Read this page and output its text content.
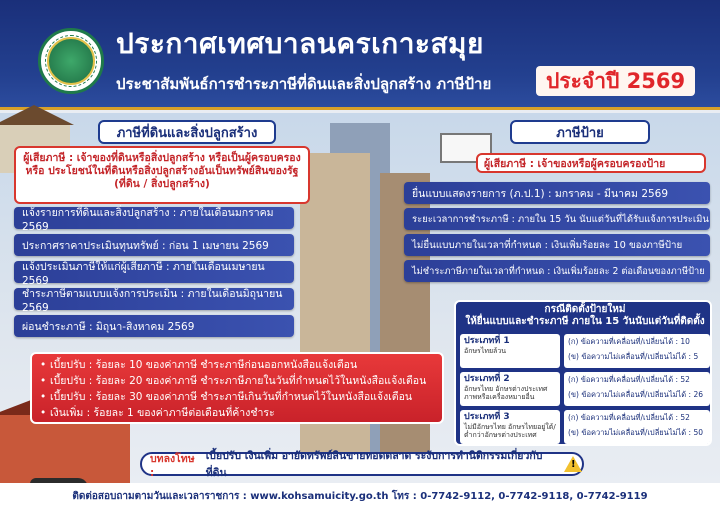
ประกาศเทศบาลนครเกาะสมุย
ประชาสัมพันธ์การชำระภาษีที่ดินและสิ่งปลูกสร้าง ภาษีป้าย	ประจำปี 2569
ภาษีที่ดินและสิ่งปลูกสร้าง
ผู้เสียภาษี : เจ้าของที่ดินหรือสิ่งปลูกสร้าง หรือเป็นผู้ครอบครอง หรือ ประโยชน์ในที่ดินหรือสิ่งปลูกสร้างอันเป็นทรัพย์สินของรัฐ (ที่ดิน / สิ่งปลูกสร้าง)
แจ้งรายการที่ดินและสิ่งปลูกสร้าง : ภายในเดือนมกราคม 2569
ประกาศราคาประเมินทุนทรัพย์ : ก่อน 1 เมษายน 2569
แจ้งประเมินภาษีให้แก่ผู้เสียภาษี : ภายในเดือนเมษายน 2569
ชำระภาษีตามแบบแจ้งการประเมิน : ภายในเดือนมิถุนายน 2569
ผ่อนชำระภาษี : มิถุนา-สิงหาคม 2569
ภาษีป้าย
ผู้เสียภาษี : เจ้าของหรือผู้ครอบครองป้าย
ยื่นแบบแสดงรายการ (ภ.ป.1) : มกราคม - มีนาคม 2569
ระยะเวลาการชำระภาษี : ภายใน 15 วัน นับแต่วันที่ได้รับแจ้งการประเมิน
ไม่ยื่นแบบภายในเวลาที่กำหนด : เงินเพิ่มร้อยละ 10 ของภาษีป้าย
ไม่ชำระภาษีภายในเวลาที่กำหนด : เงินเพิ่มร้อยละ 2 ต่อเดือนของภาษีป้าย
• เบี้ยปรับ : ร้อยละ 10 ของค่าภาษี ชำระภาษีก่อนออกหนังสือแจ้งเตือน
• เบี้ยปรับ : ร้อยละ 20 ของค่าภาษี ชำระภาษีภายในวันที่กำหนดไว้ในหนังสือแจ้งเตือน
• เบี้ยปรับ : ร้อยละ 30 ของค่าภาษี ชำระภาษีเกินวันที่กำหนดไว้ในหนังสือแจ้งเตือน
• เงินเพิ่ม : ร้อยละ 1 ของค่าภาษีต่อเดือนที่ค้างชำระ
กรณีติดตั้งป้ายใหม่
ให้ยื่นแบบและชำระภาษี ภายใน 15 วันนับแต่วันที่ติดตั้ง
ประเภทที่ 1
อักษรไทยล้วน
(ก) ข้อความที่เคลื่อนที่/เปลี่ยนได้ : 10
(ข) ข้อความไม่เคลื่อนที่/เปลี่ยนไม่ได้ : 5
ประเภทที่ 2
อักษรไทย อักษรต่างประเทศ ภาพหรือเครื่องหมายอื่น
(ก) ข้อความที่เคลื่อนที่/เปลี่ยนได้ : 52
(ข) ข้อความไม่เคลื่อนที่/เปลี่ยนไม่ได้ : 26
ประเภทที่ 3
ไม่มีอักษรไทย อักษรไทยอยู่ใต้/ต่ำกว่าอักษรต่างประเทศ
(ก) ข้อความที่เคลื่อนที่/เปลี่ยนได้ : 52
(ข) ข้อความไม่เคลื่อนที่/เปลี่ยนไม่ได้ : 50
บทลงโทษ :
เบี้ยปรับ เงินเพิ่ม อายัดทรัพย์สินขายทอดตลาด ระงับการทำนิติกรรมเกี่ยวกับที่ดิน
!
ติดต่อสอบถามตามวันและเวลาราชการ : www.kohsamuicity.go.th โทร : 0-7742-9112, 0-7742-9118, 0-7742-9119
